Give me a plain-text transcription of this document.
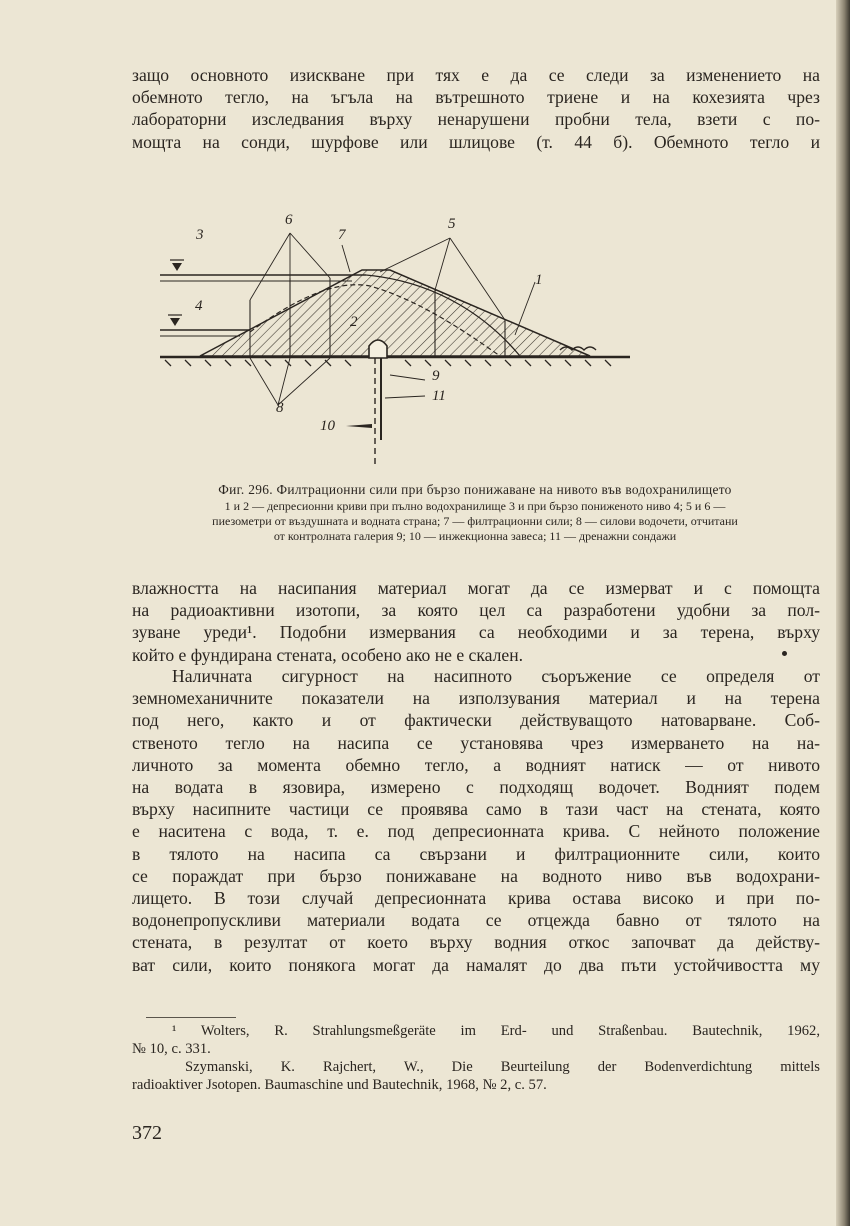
защо основното изискване при тях е да се следи за изменението на
обемното тегло, на ъгъла на вътрешното триене и на кохезията чрез
лабораторни изследвания върху ненарушени пробни тела, взети с по-
мощта на сонди, шурфове или шлицове (т. 44 б). Обемното тегло и

3
4
6
7
5
1
2
9
11
8
10
Фиг. 296. Филтрационни сили при бързо понижаване на нивото във водохранилището
1 и 2 — депресионни криви при пълно водохранилище 3 и при бързо пониженото ниво 4; 5 и 6 —
пиезометри от въздушната и водната страна; 7 — филтрационни сили; 8 — силови водочети, отчитани
от контролната галерия 9; 10 — инжекционна завеса; 11 — дренажни сондажи

влажността на насипания материал могат да се измерват и с помощта
на радиоактивни изотопи, за която цел са разработени удобни за пол-
зуване уреди¹. Подобни измервания са необходими и за терена, върху
който е фундирана стената, особено ако не е скален.

Наличната сигурност на насипното съоръжение се определя от
земномеханичните показатели на използувания материал и на терена
под него, както и от фактически действуващото натоварване. Соб-
ственото тегло на насипа се установява чрез измерването на на-
личното за момента обемно тегло, а водният натиск — от нивото
на водата в язовира, измерено с подходящ водочет. Водният подем
върху насипните частици се проявява само в тази част на стената, която
е наситена с вода, т. е. под депресионната крива. С нейното положение
в тялото на насипа са свързани и филтрационните сили, които
се пораждат при бързо понижаване на водното ниво във водохрани-
лището. В този случай депресионната крива остава високо и при по-
водонепропускливи материали водата се отцежда бавно от тялото на
стената, в резултат от което върху водния откос започват да действу-
ват сили, които понякога могат да намалят до два пъти устойчивостта му

¹ Wolters, R. Strahlungsmeßgeräte im Erd- und Straßenbau. Bautechnik, 1962,
№ 10, c. 331.
Szymanski, K. Rajchert, W., Die Beurteilung der Bodenverdichtung mittels
radioaktiver Jsotopen. Baumaschine und Bautechnik, 1968, № 2, c. 57.
372
